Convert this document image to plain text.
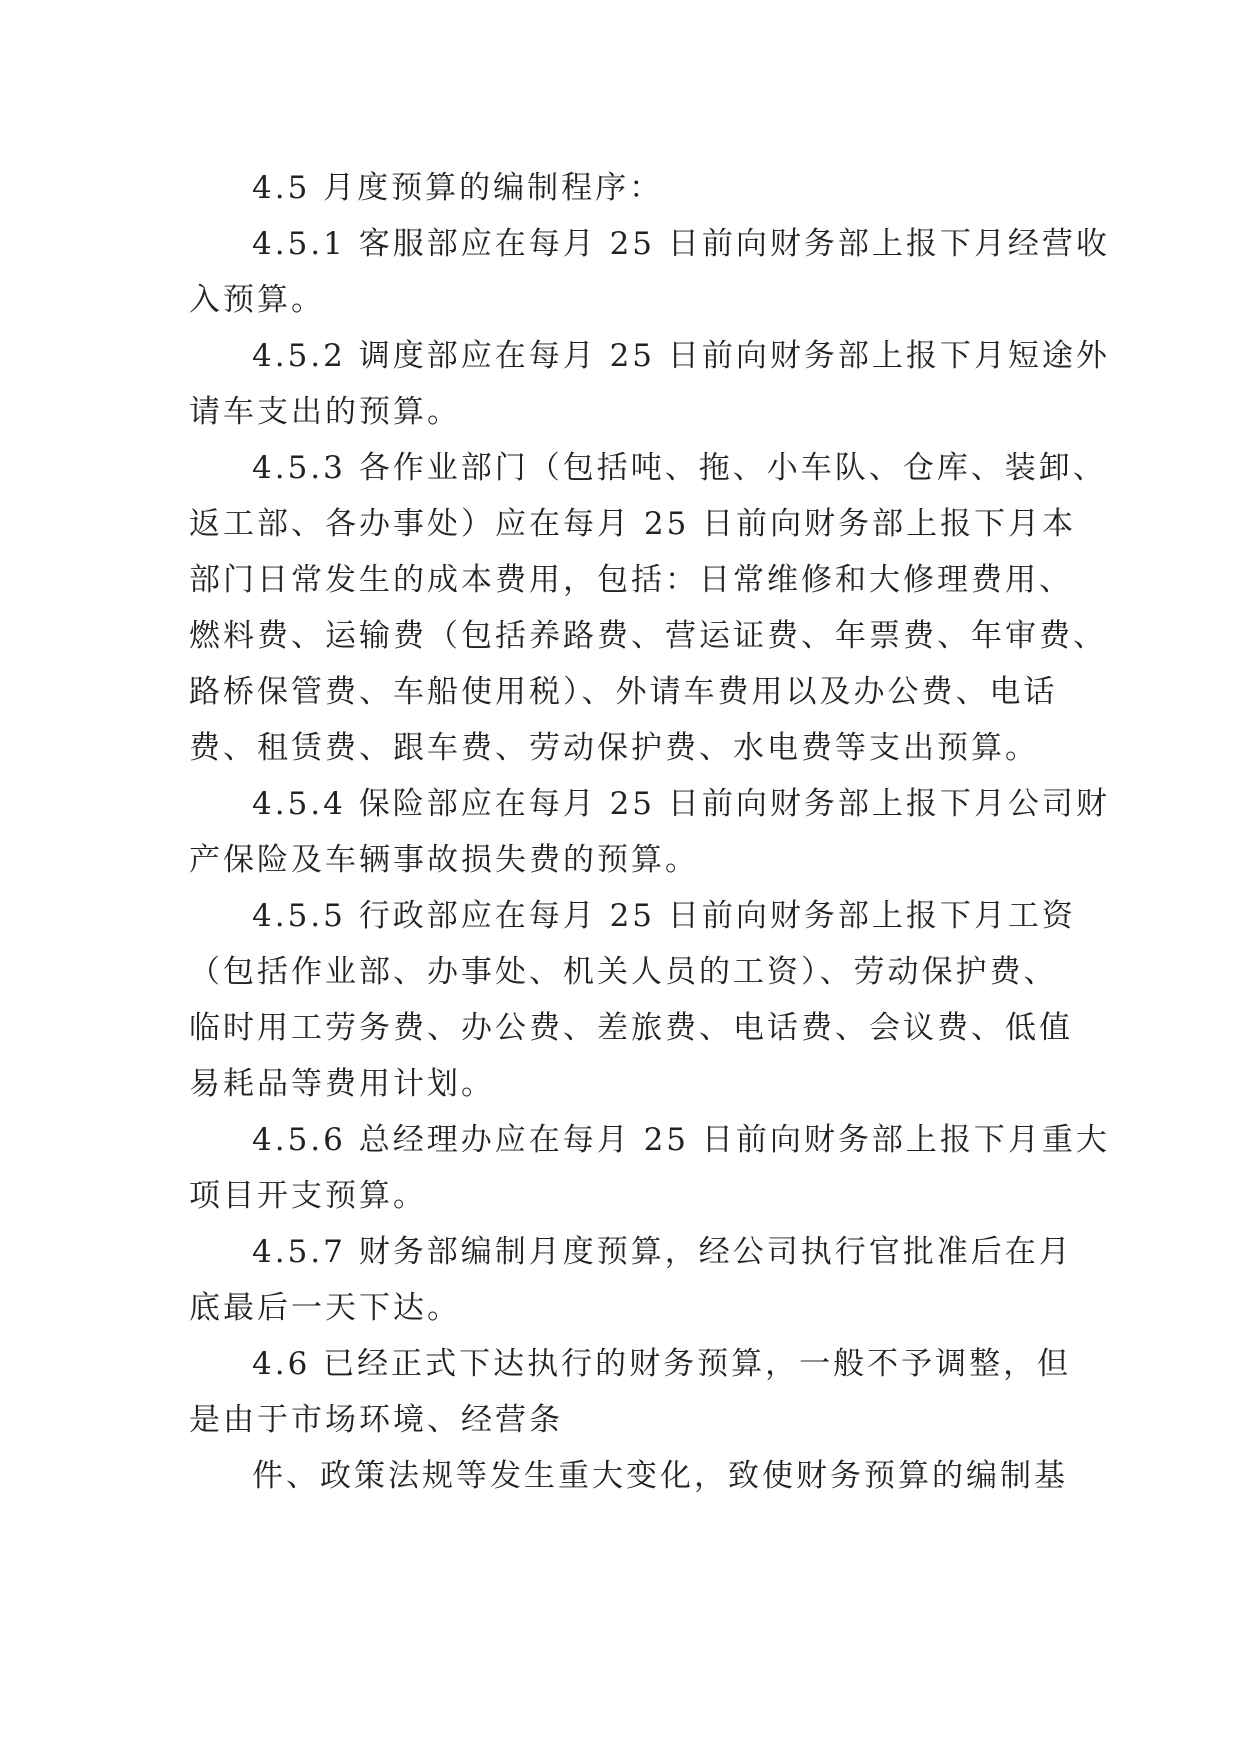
4.5 月度预算的编制程序：
4.5.1 客服部应在每月 25 日前向财务部上报下月经营收
入预算。
4.5.2 调度部应在每月 25 日前向财务部上报下月短途外
请车支出的预算。
4.5.3 各作业部门（包括吨、拖、小车队、仓库、装卸、
返工部、各办事处）应在每月 25 日前向财务部上报下月本
部门日常发生的成本费用，包括：日常维修和大修理费用、
燃料费、运输费（包括养路费、营运证费、年票费、年审费、
路桥保管费、车船使用税）、外请车费用以及办公费、电话
费、租赁费、跟车费、劳动保护费、水电费等支出预算。
4.5.4 保险部应在每月 25 日前向财务部上报下月公司财
产保险及车辆事故损失费的预算。
4.5.5 行政部应在每月 25 日前向财务部上报下月工资
（包括作业部、办事处、机关人员的工资）、劳动保护费、
临时用工劳务费、办公费、差旅费、电话费、会议费、低值
易耗品等费用计划。
4.5.6 总经理办应在每月 25 日前向财务部上报下月重大
项目开支预算。
4.5.7 财务部编制月度预算，经公司执行官批准后在月
底最后一天下达。
4.6 已经正式下达执行的财务预算，一般不予调整，但
是由于市场环境、经营条
件、政策法规等发生重大变化，致使财务预算的编制基
